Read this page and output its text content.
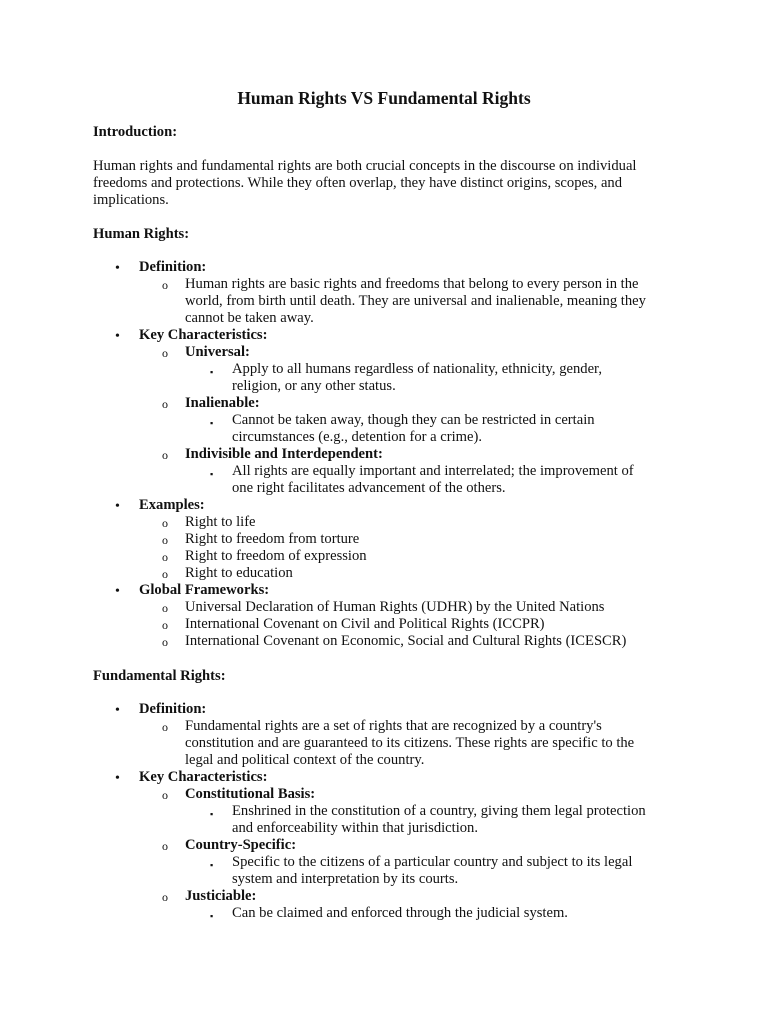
Human Rights VS Fundamental Rights
Introduction:
Human rights and fundamental rights are both crucial concepts in the discourse on individual
freedoms and protections. While they often overlap, they have distinct origins, scopes, and
implications.
Human Rights:
• Definition:
o Human rights are basic rights and freedoms that belong to every person in the
world, from birth until death. They are universal and inalienable, meaning they
cannot be taken away.
• Key Characteristics:
o Universal:
▪ Apply to all humans regardless of nationality, ethnicity, gender,
religion, or any other status.
o Inalienable:
▪ Cannot be taken away, though they can be restricted in certain
circumstances (e.g., detention for a crime).
o Indivisible and Interdependent:
▪ All rights are equally important and interrelated; the improvement of
one right facilitates advancement of the others.
• Examples:
o Right to life
o Right to freedom from torture
o Right to freedom of expression
o Right to education
• Global Frameworks:
o Universal Declaration of Human Rights (UDHR) by the United Nations
o International Covenant on Civil and Political Rights (ICCPR)
o International Covenant on Economic, Social and Cultural Rights (ICESCR)
Fundamental Rights:
• Definition:
o Fundamental rights are a set of rights that are recognized by a country's
constitution and are guaranteed to its citizens. These rights are specific to the
legal and political context of the country.
• Key Characteristics:
o Constitutional Basis:
▪ Enshrined in the constitution of a country, giving them legal protection
and enforceability within that jurisdiction.
o Country-Specific:
▪ Specific to the citizens of a particular country and subject to its legal
system and interpretation by its courts.
o Justiciable:
▪ Can be claimed and enforced through the judicial system.
